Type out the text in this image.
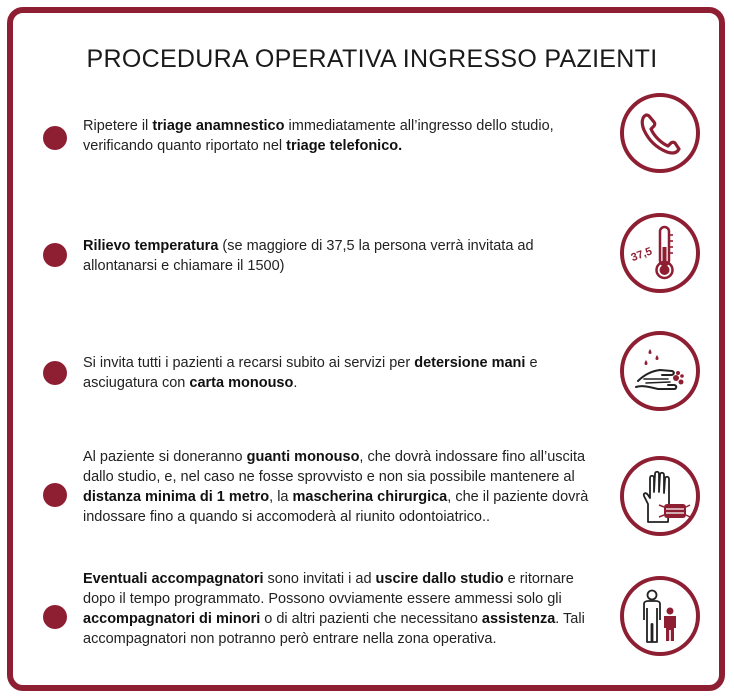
PROCEDURA OPERATIVA INGRESSO PAZIENTI
Ripetere il triage anamnestico immediatamente all’ingresso dello studio, verificando quanto riportato nel triage telefonico.
Rilievo temperatura (se maggiore di 37,5 la persona verrà invitata ad allontanarsi e chiamare il 1500)
37,5
Si invita tutti i pazienti a recarsi subito ai servizi per detersione mani e asciugatura con carta monouso.
Al paziente si doneranno guanti monouso, che dovrà indossare fino all’uscita dallo studio, e, nel caso ne fosse sprovvisto e non sia possibile mantenere al distanza minima di 1 metro, la mascherina chirurgica, che il paziente dovrà indossare fino a quando si accomoderà al riunito odontoiatrico..
Eventuali accompagnatori sono invitati i ad uscire dallo studio e ritornare dopo il tempo programmato. Possono ovviamente essere ammessi solo gli accompagnatori di minori o di altri pazienti che necessitano assistenza. Tali accompagnatori non potranno però entrare nella zona operativa.
